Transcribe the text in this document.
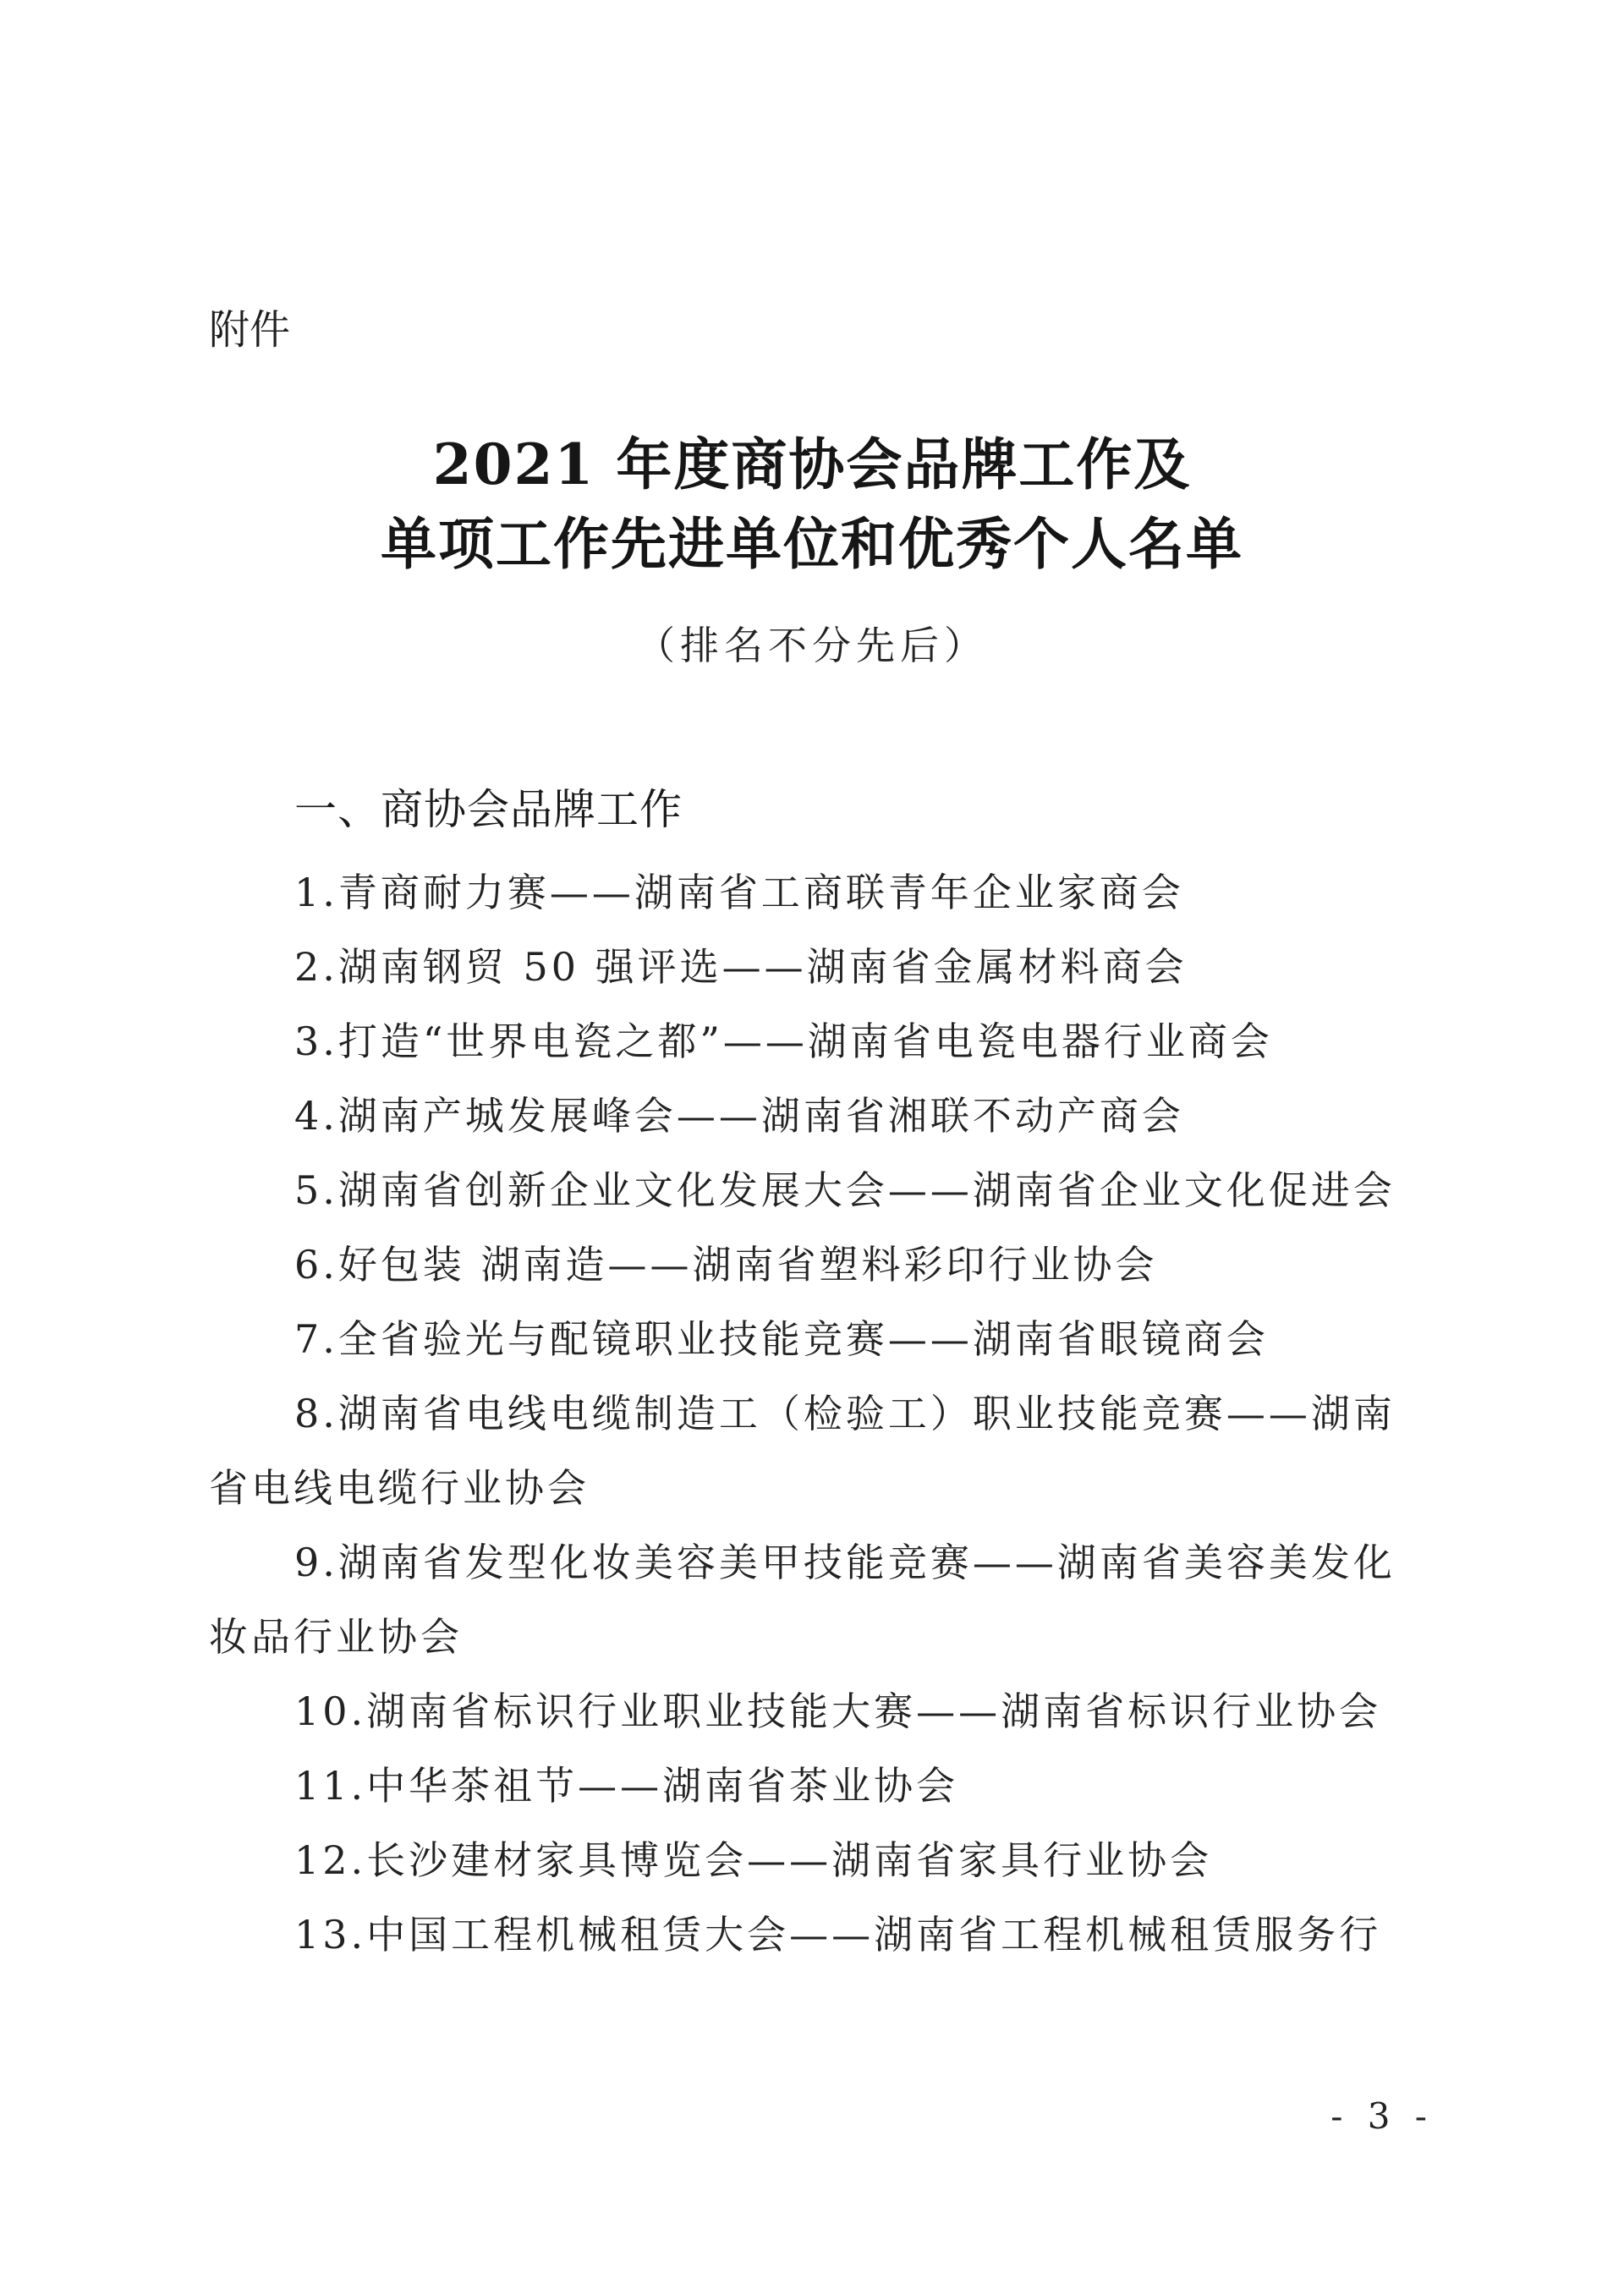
附件
2021 年度商协会品牌工作及
单项工作先进单位和优秀个人名单
（排名不分先后）
一、商协会品牌工作

1.青商耐力赛——湖南省工商联青年企业家商会

2.湖南钢贸 50 强评选——湖南省金属材料商会

3.打造“世界电瓷之都”——湖南省电瓷电器行业商会

4.湖南产城发展峰会——湖南省湘联不动产商会

5.湖南省创新企业文化发展大会——湖南省企业文化促进会

6.好包装 湖南造——湖南省塑料彩印行业协会

7.全省验光与配镜职业技能竞赛——湖南省眼镜商会

8.湖南省电线电缆制造工（检验工）职业技能竞赛——湖南省电线电缆行业协会

9.湖南省发型化妆美容美甲技能竞赛——湖南省美容美发化妆品行业协会

10.湖南省标识行业职业技能大赛——湖南省标识行业协会

11.中华茶祖节——湖南省茶业协会

12.长沙建材家具博览会——湖南省家具行业协会

13.中国工程机械租赁大会——湖南省工程机械租赁服务行

- 3 -
